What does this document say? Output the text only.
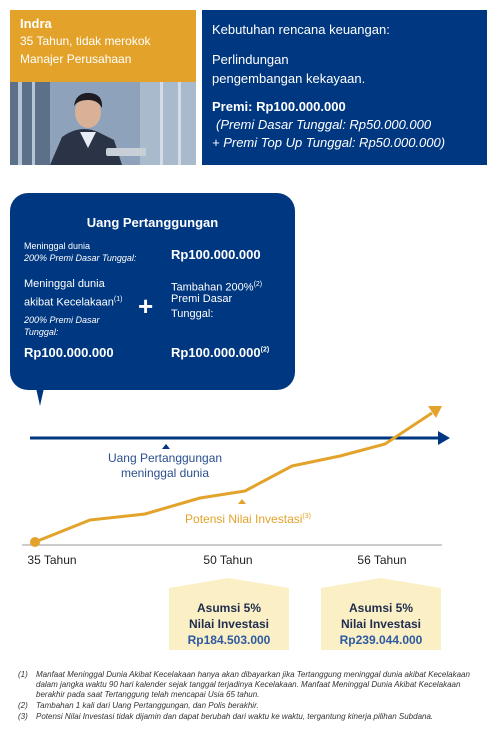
Indra
35 Tahun, tidak merokok
Manajer Perusahaan
Kebutuhan rencana keuangan:
Perlindungan
pengembangan kekayaan.
Premi: Rp100.000.000
(Premi Dasar Tunggal: Rp50.000.000
+ Premi Top Up Tunggal: Rp50.000.000)
Uang Pertanggungan
Meninggal dunia
200% Premi Dasar Tunggal:	Rp100.000.000
Meninggal dunia
akibat Kecelakaan$^{(1)}$ +
200% Premi Dasar
Tunggal:
Rp100.000.000
Tambahan 200%$^{(2)}$
Premi Dasar
Tunggal:
Rp100.000.000$^{(2)}$
Uang Pertanggungan
meninggal dunia
Potensi Nilai Investasi$^{(3)}$
35 Tahun	50 Tahun	56 Tahun
Asumsi 5%
Nilai Investasi
Rp184.503.000
Asumsi 5%
Nilai Investasi
Rp239.044.000
(1)	Manfaat Meninggal Dunia Akibat Kecelakaan hanya akan dibayarkan jika Tertanggung meninggal dunia akibat Kecelakaan dalam jangka waktu 90 hari kalender sejak tanggal terjadinya Kecelakaan. Manfaat Meninggal Dunia Akibat Kecelakaan berakhir pada saat Tertanggung telah mencapai Usia 65 tahun.
(2)	Tambahan 1 kali dari Uang Pertanggungan, dan Polis berakhir.
(3)	Potensi Nilai Investasi tidak dijamin dan dapat berubah dari waktu ke waktu, tergantung kinerja pilihan Subdana.
